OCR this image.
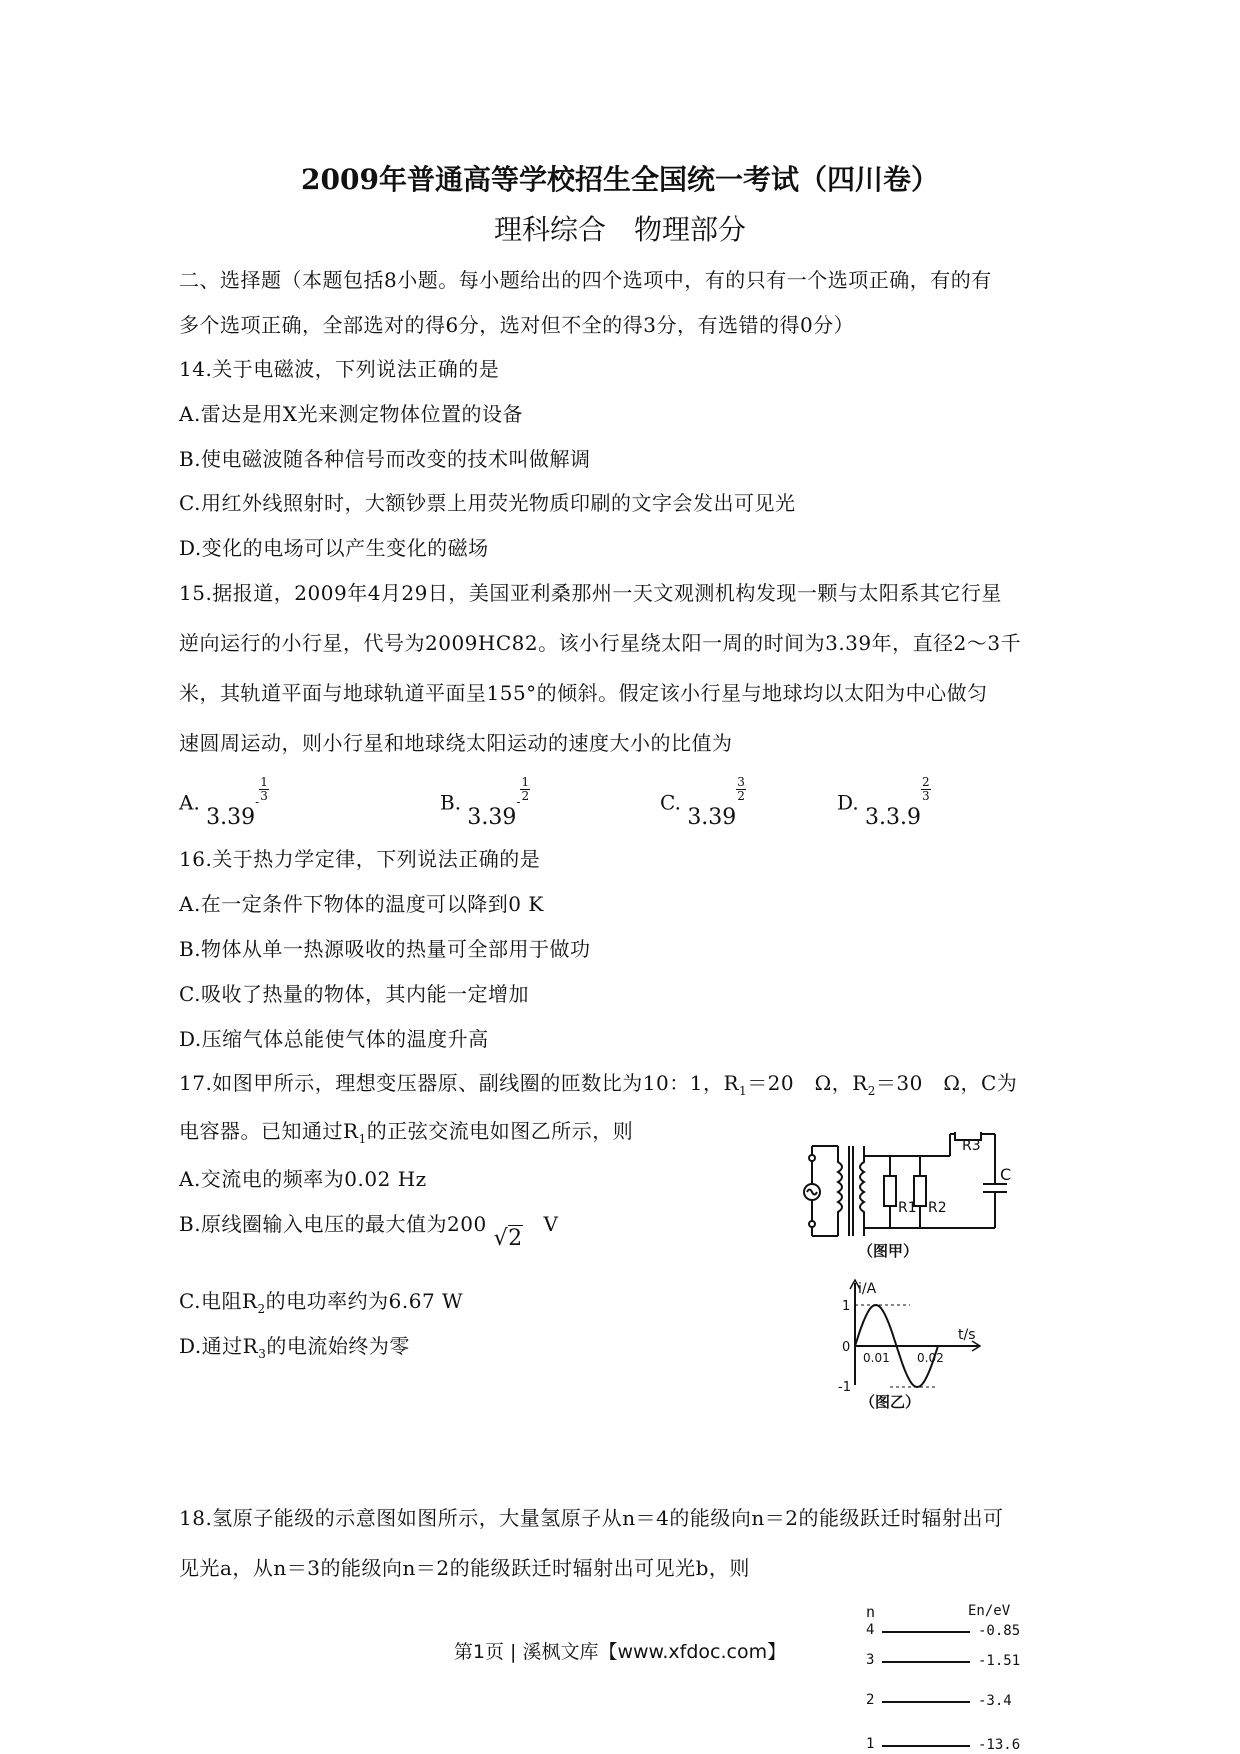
2009年普通高等学校招生全国统一考试（四川卷）
理科综合　物理部分
二、选择题（本题包括8小题。每小题给出的四个选项中，有的只有一个选项正确，有的有
多个选项正确，全部选对的得6分，选对但不全的得3分，有选错的得0分）
14.关于电磁波，下列说法正确的是
A.雷达是用X光来测定物体位置的设备
B.使电磁波随各种信号而改变的技术叫做解调
C.用红外线照射时，大额钞票上用荧光物质印刷的文字会发出可见光
D.变化的电场可以产生变化的磁场
15.据报道，2009年4月29日，美国亚利桑那州一天文观测机构发现一颗与太阳系其它行星
逆向运行的小行星，代号为2009HC82。该小行星绕太阳一周的时间为3.39年，直径2～3千
米，其轨道平面与地球轨道平面呈155°的倾斜。假定该小行星与地球均以太阳为中心做匀
速圆周运动，则小行星和地球绕太阳运动的速度大小的比值为
A. $3.39^- \frac{1}{3}$	B. $3.39^- \frac{1}{2}$	C. 3.39
$\frac{3}{2}$	D. 3.3.9
$\frac{2}{3}$
16.关于热力学定律，下列说法正确的是
A.在一定条件下物体的温度可以降到0 K
B.物体从单一热源吸收的热量可全部用于做功
C.吸收了热量的物体，其内能一定增加
D.压缩气体总能使气体的温度升高
17.如图甲所示，理想变压器原、副线圈的匝数比为10：1，$R_1=20$　Ω，$R_2=30$　Ω，C为
电容器。已知通过$R_1$的正弦交流电如图乙所示，则
A.交流电的频率为0.02 Hz
B.原线圈输入电压的最大值为200 √2 V
C.电阻$R_2$的电功率约为6.67 W
D.通过$R_3$的电流始终为零
R1 R2
R3
C
（图甲）
i/A
t/s
1
-1
0
0.01 0.02
（图乙）
18.氢原子能级的示意图如图所示，大量氢原子从n＝4的能级向n＝2的能级跃迁时辐射出可
见光a，从n＝3的能级向n＝2的能级跃迁时辐射出可见光b，则
n	En/eV
4	-0.85
3	-1.51
2	-3.4
1	-13.6
第1页 | 溪枫文库【www.xfdoc.com】
